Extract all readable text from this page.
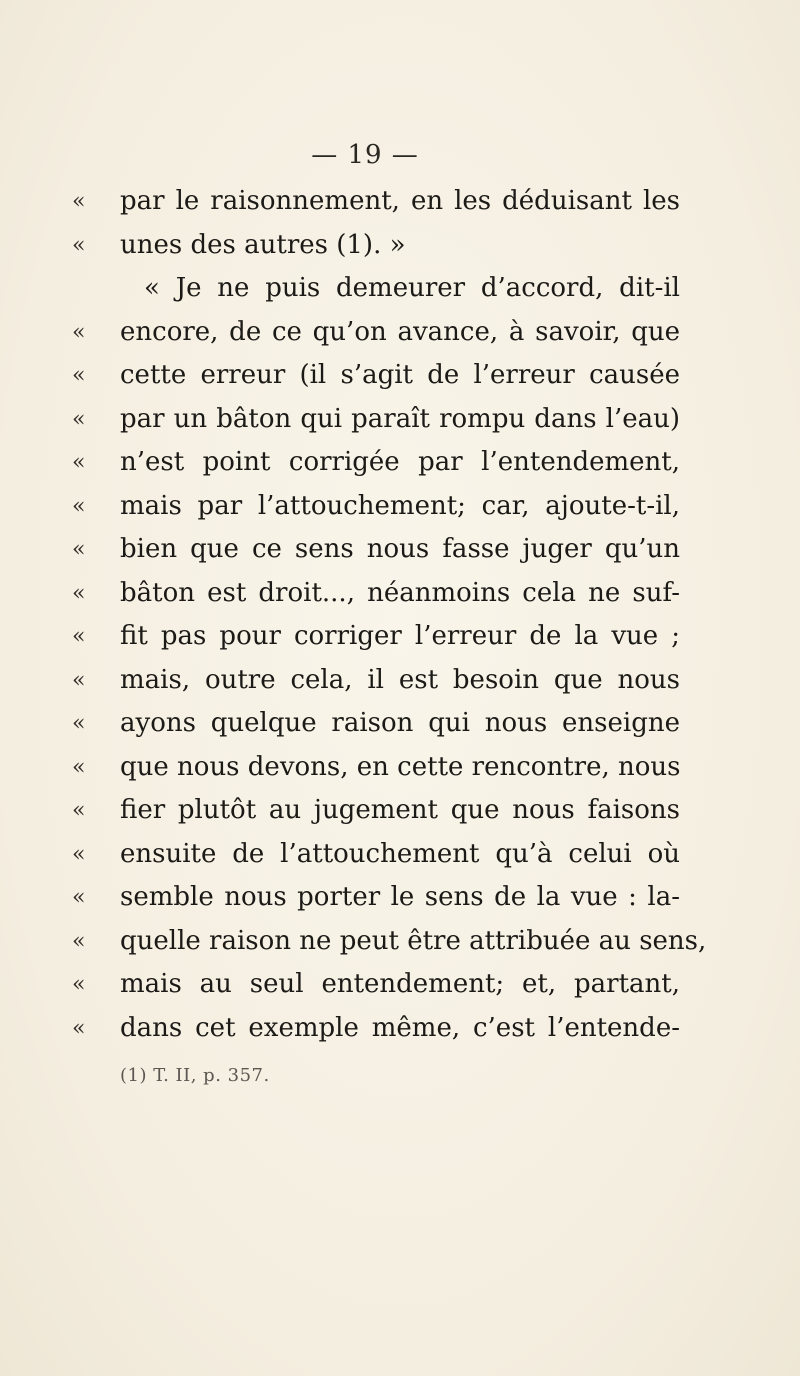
— 19 —
«	par le raisonnement, en les déduisant les
«	unes des autres (1). »
« Je ne puis demeurer d’accord, dit-il
«	encore, de ce qu’on avance, à savoir, que
«	cette erreur (il s’agit de l’erreur causée
«	par un bâton qui paraît rompu dans l’eau)
«	n’est point corrigée par l’entendement,
«	mais par l’attouchement; car, ajoute-t-il,
«	bien que ce sens nous fasse juger qu’un
«	bâton est droit..., néanmoins cela ne suf-
«	fit pas pour corriger l’erreur de la vue ;
«	mais, outre cela, il est besoin que nous
«	ayons quelque raison qui nous enseigne
«	que nous devons, en cette rencontre, nous
«	fier plutôt au jugement que nous faisons
«	ensuite de l’attouchement qu’à celui où
«	semble nous porter le sens de la vue : la-
«	quelle raison ne peut être attribuée au sens,
«	mais au seul entendement; et, partant,
«	dans cet exemple même, c’est l’entende-
(1) T. II, p. 357.
